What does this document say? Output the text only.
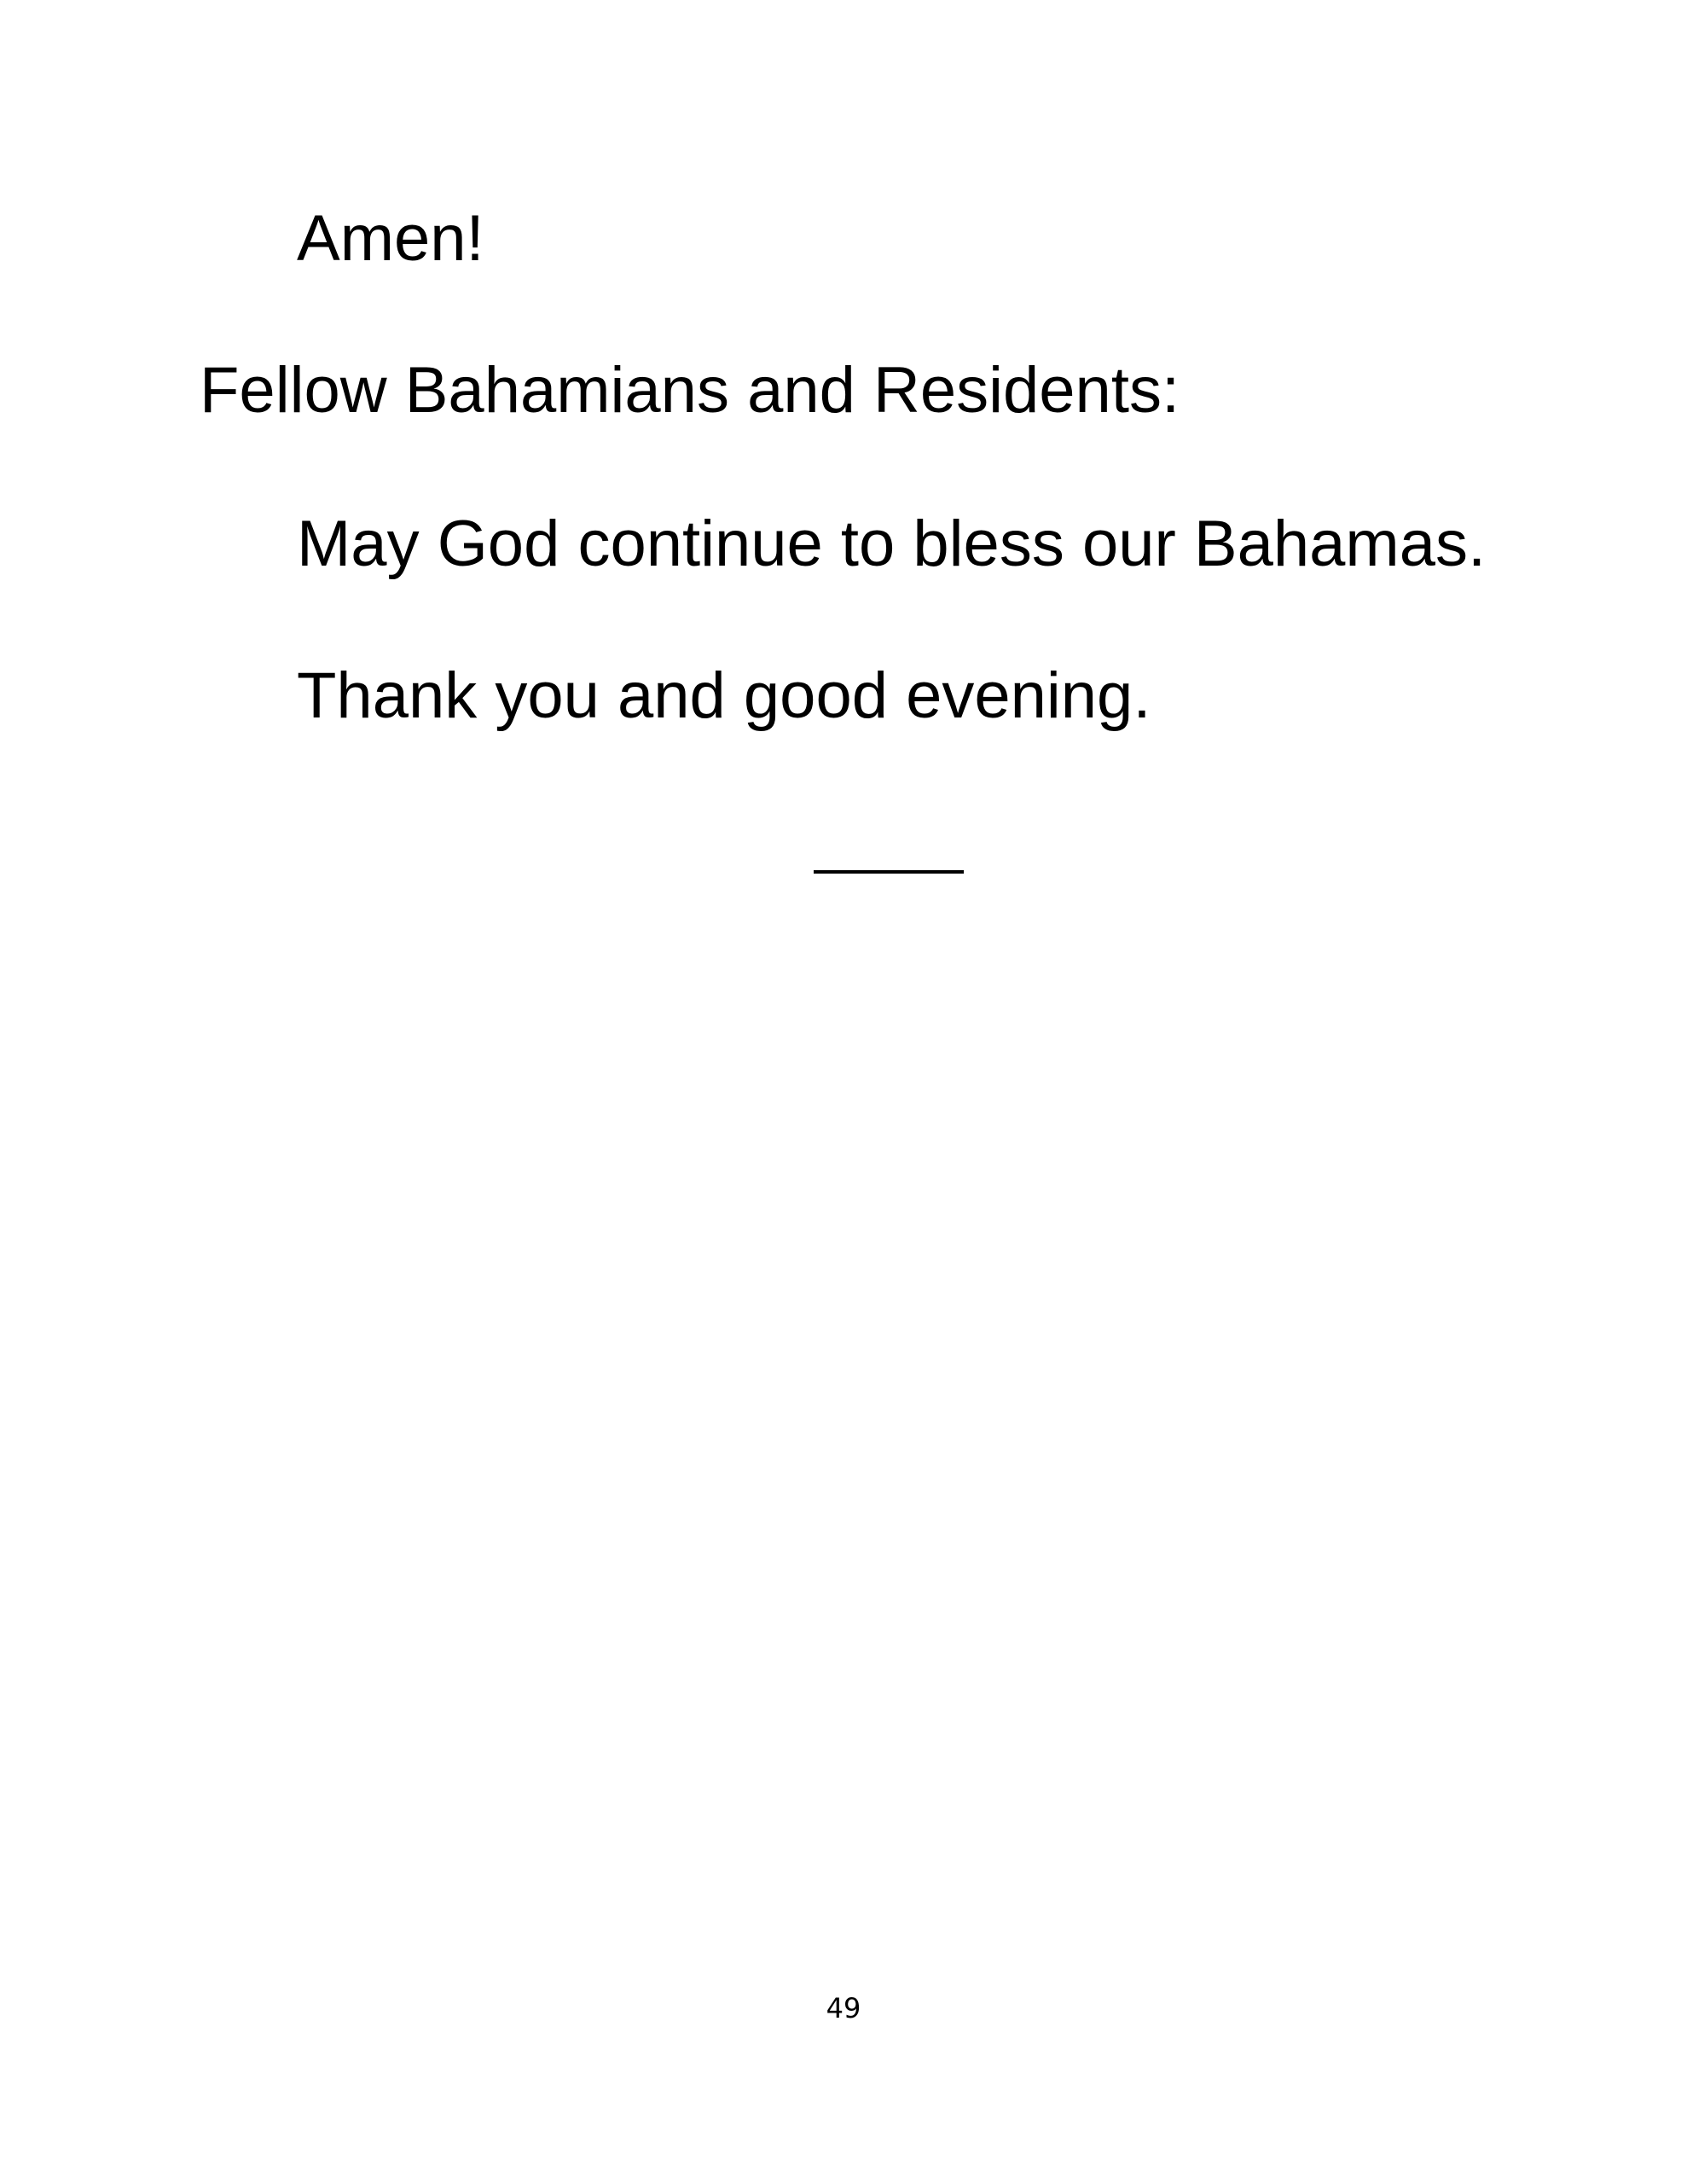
Amen!
Fellow Bahamians and Residents:
May God continue to bless our Bahamas.
Thank you and good evening.
49
